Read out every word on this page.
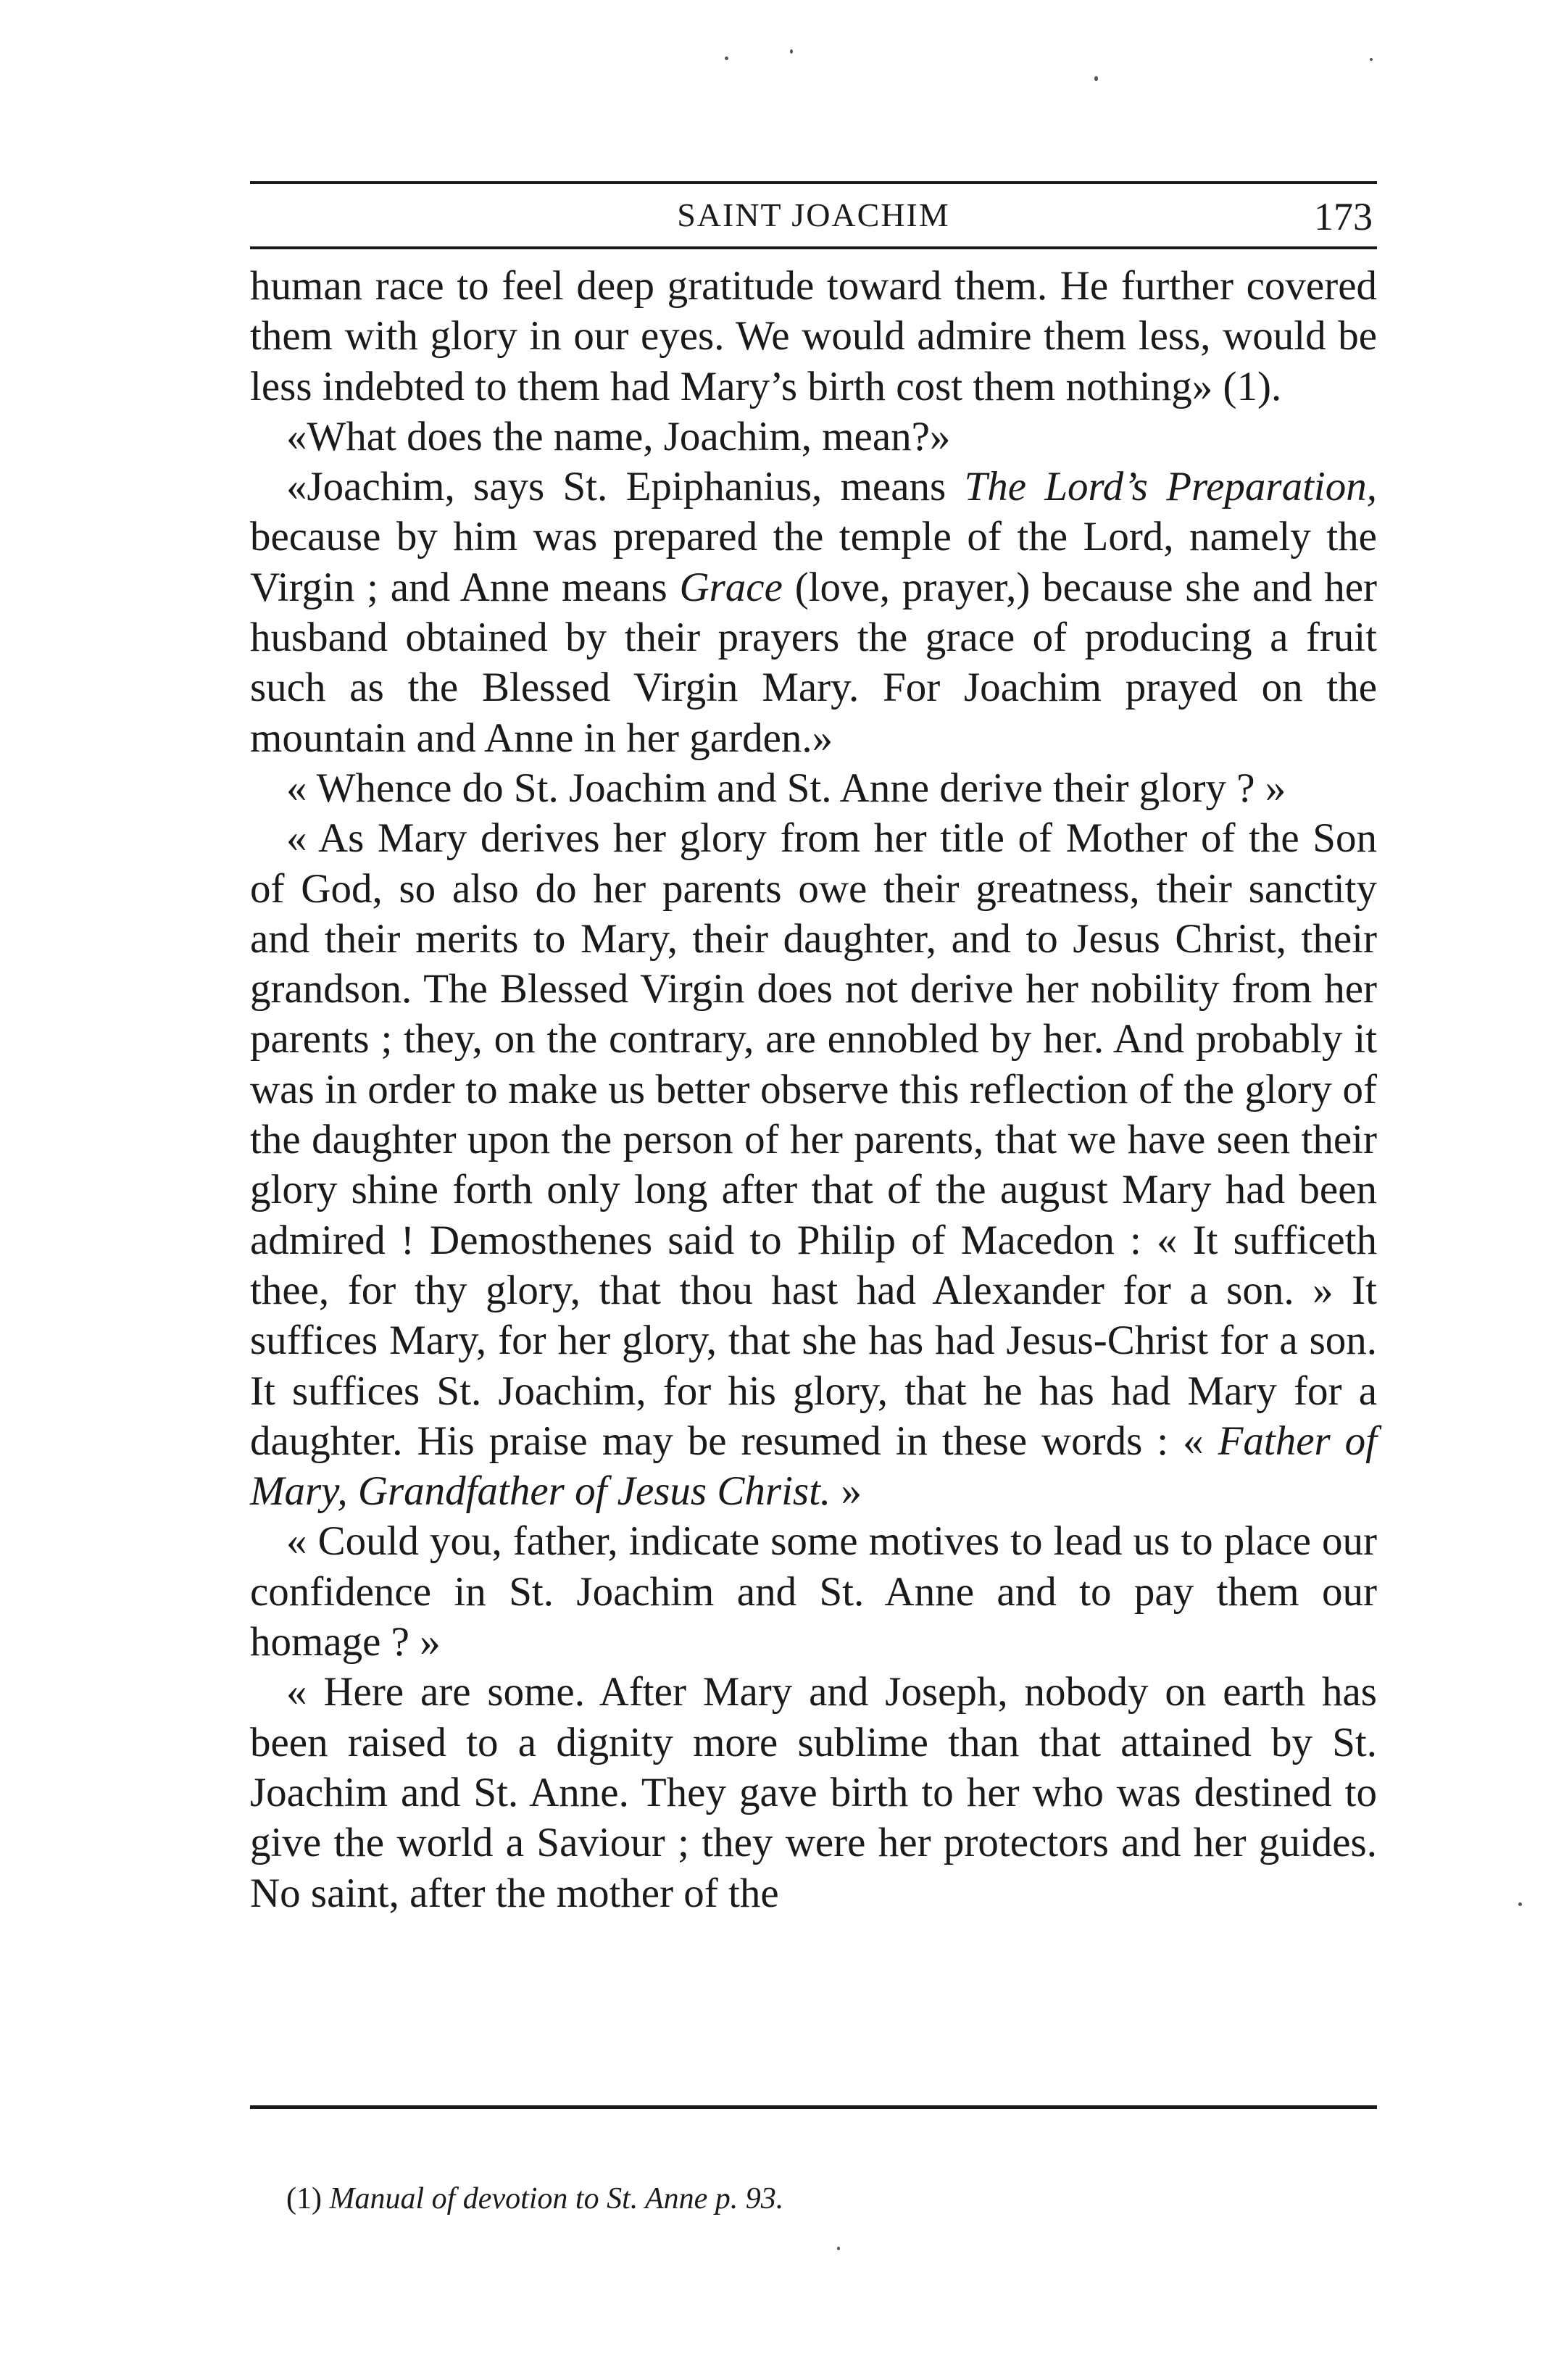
SAINT JOACHIM	173

human race to feel deep gratitude toward them. He further covered them with glory in our eyes. We would admire them less, would be less indebted to them had Mary’s birth cost them nothing» (1).

«What does the name, Joachim, mean?»

«Joachim, says St. Epiphanius, means The Lord’s Preparation, because by him was prepared the temple of the Lord, namely the Virgin ; and Anne means Grace (love, prayer,) because she and her husband obtained by their prayers the grace of producing a fruit such as the Blessed Virgin Mary. For Joachim prayed on the mountain and Anne in her garden.»

« Whence do St. Joachim and St. Anne derive their glory ? »

« As Mary derives her glory from her title of Mother of the Son of God, so also do her parents owe their greatness, their sanctity and their merits to Mary, their daughter, and to Jesus Christ, their grandson. The Blessed Virgin does not derive her nobility from her parents ; they, on the contrary, are ennobled by her. And probably it was in order to make us better observe this reflection of the glory of the daughter upon the person of her parents, that we have seen their glory shine forth only long after that of the august Mary had been admired ! Demosthenes said to Philip of Macedon : « It sufficeth thee, for thy glory, that thou hast had Alexander for a son. » It suffices Mary, for her glory, that she has had Jesus-Christ for a son. It suffices St. Joachim, for his glory, that he has had Mary for a daughter. His praise may be resumed in these words : « Father of Mary, Grandfather of Jesus Christ. »

« Could you, father, indicate some motives to lead us to place our confidence in St. Joachim and St. Anne and to pay them our homage ? »

« Here are some. After Mary and Joseph, nobody on earth has been raised to a dignity more sublime than that attained by St. Joachim and St. Anne. They gave birth to her who was destined to give the world a Saviour ; they were her protectors and her guides. No saint, after the mother of the

(1) Manual of devotion to St. Anne p. 93.
